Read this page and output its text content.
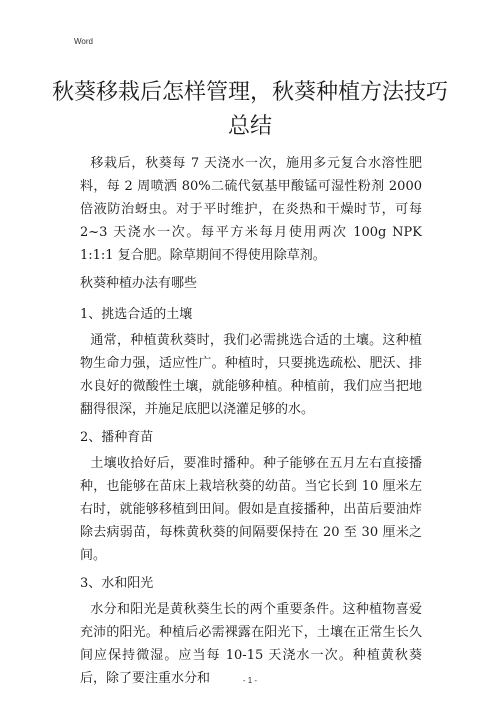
Word
秋葵移栽后怎样管理，秋葵种植方法技巧
总结

移栽后，秋葵每 7 天浇水一次，施用多元复合水溶性肥料，每 2 周喷洒 80%二硫代氨基甲酸锰可湿性粉剂 2000 倍液防治蚜虫。对于平时维护，在炎热和干燥时节，可每 2~3 天浇水一次。每平方米每月使用两次 100g NPK 1:1:1 复合肥。除草期间不得使用除草剂。

秋葵种植办法有哪些
1、挑选合适的土壤

通常，种植黄秋葵时，我们必需挑选合适的土壤。这种植物生命力强，适应性广。种植时，只要挑选疏松、肥沃、排水良好的微酸性土壤，就能够种植。种植前，我们应当把地翻得很深，并施足底肥以浇灌足够的水。

2、播种育苗

土壤收拾好后，要准时播种。种子能够在五月左右直接播种，也能够在苗床上栽培秋葵的幼苗。当它长到 10 厘米左右时，就能够移植到田间。假如是直接播种，出苗后要油炸除去病弱苗，每株黄秋葵的间隔要保持在 20 至 30 厘米之间。

3、水和阳光

水分和阳光是黄秋葵生长的两个重要条件。这种植物喜爱 充沛的阳光。种植后必需裸露在阳光下，土壤在正常生长久间应保持微湿。应当每 10-15 天浇水一次。种植黄秋葵后，除了要注重水分和	- 1 -
